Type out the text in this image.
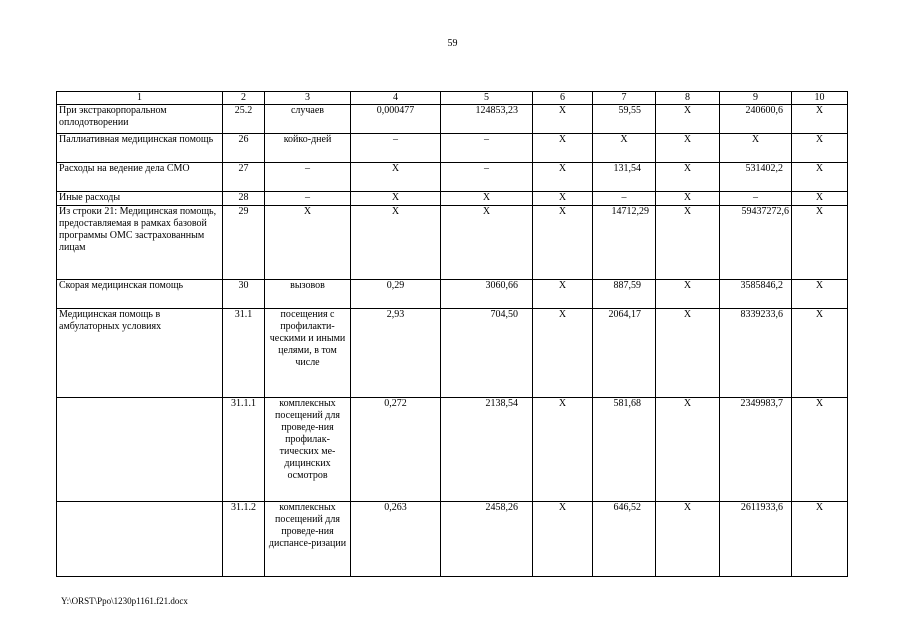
59
1	2	3	4	5	6	7	8	9	10
При экстракорпоральном оплодотворении	25.2	случаев	0,000477	124853,23	Х	59,55	Х	240600,6	Х
Паллиативная медицинская помощь	26	койко-дней	–	–	Х	Х	Х	Х	Х
Расходы на ведение дела СМО	27	–	Х	–	Х	131,54	Х	531402,2	Х
Иные расходы	28	–	Х	Х	Х	–	Х	–	Х
Из строки 21: Медицинская помощь, предоставляемая в рамках базовой программы ОМС застрахованным лицам	29	Х	Х	Х	Х	14712,29	Х	59437272,6	Х
Скорая медицинская помощь	30	вызовов	0,29	3060,66	Х	887,59	Х	3585846,2	Х
Медицинская помощь в амбулаторных условиях	31.1	посещения с профилакти-ческими и иными целями, в том числе	2,93	704,50	Х	2064,17	Х	8339233,6	Х
	31.1.1	комплексных посещений для проведе-ния профилак-тических ме-дицинских осмотров	0,272	2138,54	Х	581,68	Х	2349983,7	Х
	31.1.2	комплексных посещений для проведе-ния диспансе-ризации	0,263	2458,26	Х	646,52	Х	2611933,6	Х
Y:\ORST\Ppo\1230p1161.f21.docx
